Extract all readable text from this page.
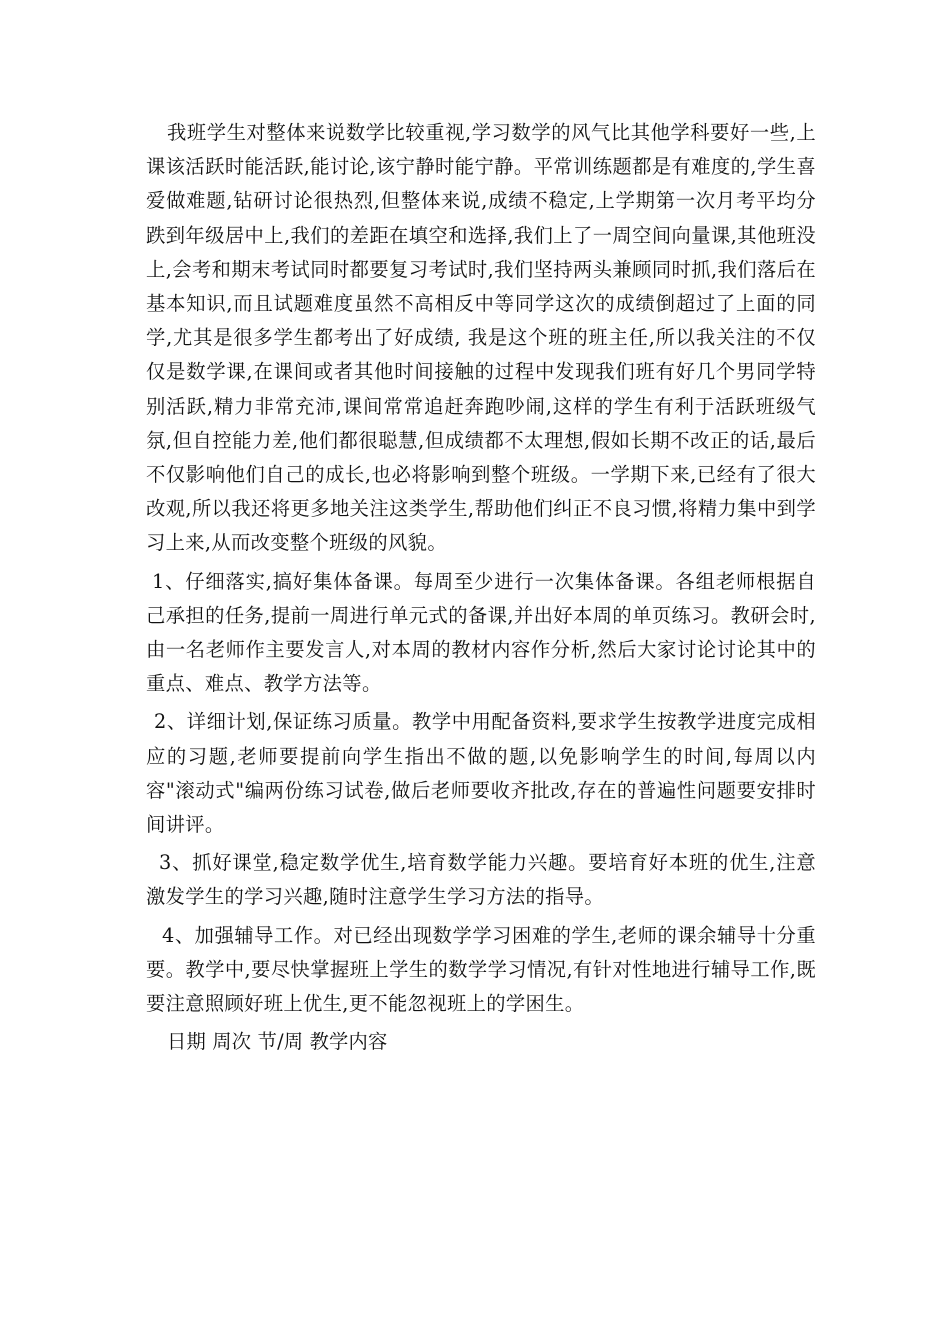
我班学生对整体来说数学比较重视,学习数学的风气比其他学科要好一些,上课该活跃时能活跃,能讨论,该宁静时能宁静。平常训练题都是有难度的,学生喜爱做难题,钻研讨论很热烈,但整体来说,成绩不稳定,上学期第一次月考平均分跌到年级居中上,我们的差距在填空和选择,我们上了一周空间向量课,其他班没上,会考和期末考试同时都要复习考试时,我们坚持两头兼顾同时抓,我们落后在基本知识,而且试题难度虽然不高相反中等同学这次的成绩倒超过了上面的同学,尤其是很多学生都考出了好成绩, 我是这个班的班主任,所以我关注的不仅仅是数学课,在课间或者其他时间接触的过程中发现我们班有好几个男同学特别活跃,精力非常充沛,课间常常追赶奔跑吵闹,这样的学生有利于活跃班级气氛,但自控能力差,他们都很聪慧,但成绩都不太理想,假如长期不改正的话,最后不仅影响他们自己的成长,也必将影响到整个班级。一学期下来,已经有了很大改观,所以我还将更多地关注这类学生,帮助他们纠正不良习惯,将精力集中到学习上来,从而改变整个班级的风貌。

1、仔细落实,搞好集体备课。每周至少进行一次集体备课。各组老师根据自己承担的任务,提前一周进行单元式的备课,并出好本周的单页练习。教研会时,由一名老师作主要发言人,对本周的教材内容作分析,然后大家讨论讨论其中的重点、难点、教学方法等。

2、详细计划,保证练习质量。教学中用配备资料,要求学生按教学进度完成相应的习题,老师要提前向学生指出不做的题,以免影响学生的时间,每周以内容"滚动式"编两份练习试卷,做后老师要收齐批改,存在的普遍性问题要安排时间讲评。

3、抓好课堂,稳定数学优生,培育数学能力兴趣。要培育好本班的优生,注意激发学生的学习兴趣,随时注意学生学习方法的指导。

4、加强辅导工作。对已经出现数学学习困难的学生,老师的课余辅导十分重要。教学中,要尽快掌握班上学生的数学学习情况,有针对性地进行辅导工作,既要注意照顾好班上优生,更不能忽视班上的学困生。

日期 周次 节/周 教学内容
